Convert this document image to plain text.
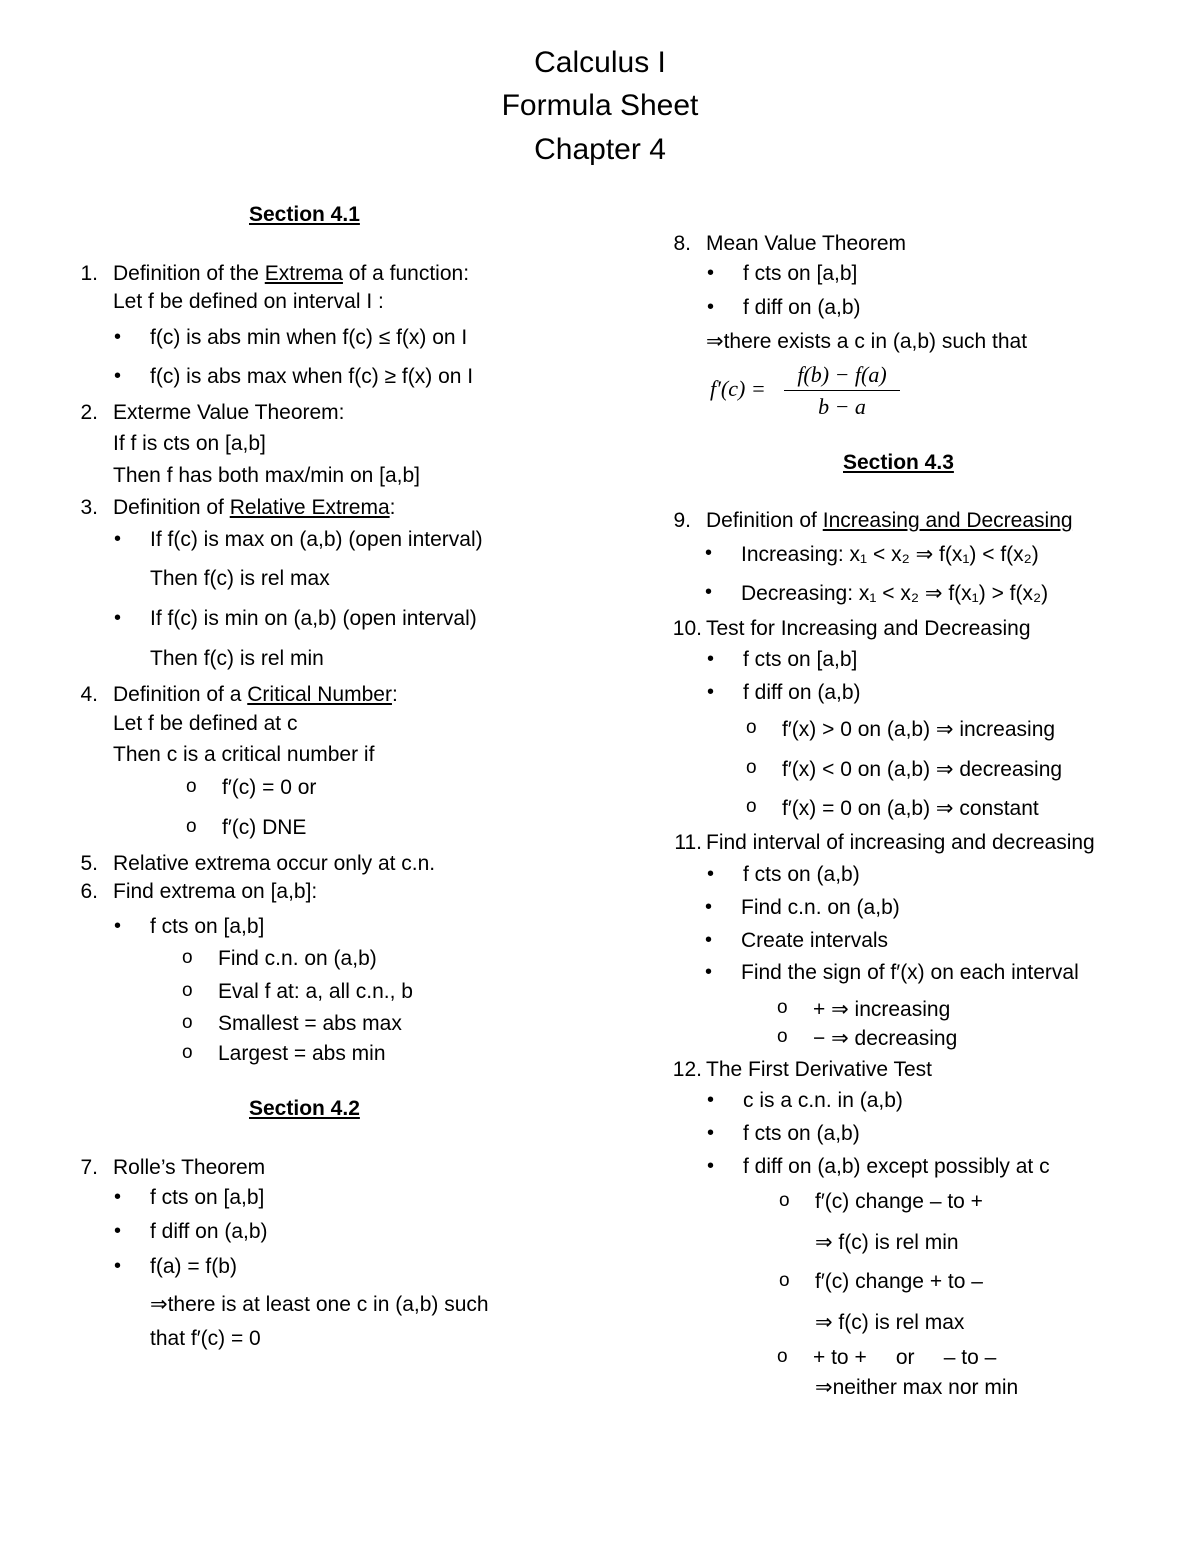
Calculus I
Formula Sheet
Chapter 4
Section 4.1
1. Definition of the Extrema of a function:
Let f be defined on interval I :
• f(c) is abs min when f(c) ≤ f(x) on I
• f(c) is abs max when f(c) ≥ f(x) on I
2. Exterme Value Theorem:
If f is cts on [a,b]
Then f has both max/min on [a,b]
3. Definition of Relative Extrema:
• If f(c) is max on (a,b) (open interval)
Then f(c) is rel max
• If f(c) is min on (a,b) (open interval)
Then f(c) is rel min
4. Definition of a Critical Number:
Let f be defined at c
Then c is a critical number if
o f′(c) = 0 or
o f′(c) DNE
5. Relative extrema occur only at c.n.
6. Find extrema on [a,b]:
• f cts on [a,b]
o Find c.n. on (a,b)
o Eval f at: a, all c.n., b
o Smallest = abs max
o Largest = abs min
Section 4.2
7. Rolle’s Theorem
• f cts on [a,b]
• f diff on (a,b)
• f(a) = f(b)
⇒there is at least one c in (a,b) such
that f′(c) = 0
8. Mean Value Theorem
• f cts on [a,b]
• f diff on (a,b)
⇒there exists a c in (a,b) such that
f′(c) =
f(b) − f(a)
b − a
Section 4.3
9. Definition of Increasing and Decreasing
• Increasing: x₁ < x₂ ⇒ f(x₁) < f(x₂)
• Decreasing: x₁ < x₂ ⇒ f(x₁) > f(x₂)
10. Test for Increasing and Decreasing
• f cts on [a,b]
• f diff on (a,b)
o f′(x) > 0 on (a,b) ⇒ increasing
o f′(x) < 0 on (a,b) ⇒ decreasing
o f′(x) = 0 on (a,b) ⇒ constant
11. Find interval of increasing and decreasing
• f cts on (a,b)
• Find c.n. on (a,b)
• Create intervals
• Find the sign of f′(x) on each interval
o + ⇒ increasing
o − ⇒ decreasing
12. The First Derivative Test
• c is a c.n. in (a,b)
• f cts on (a,b)
• f diff on (a,b) except possibly at c
o f′(c) change – to +
⇒ f(c) is rel min
o f′(c) change + to –
⇒ f(c) is rel max
o + to +     or     – to –
⇒neither max nor min
